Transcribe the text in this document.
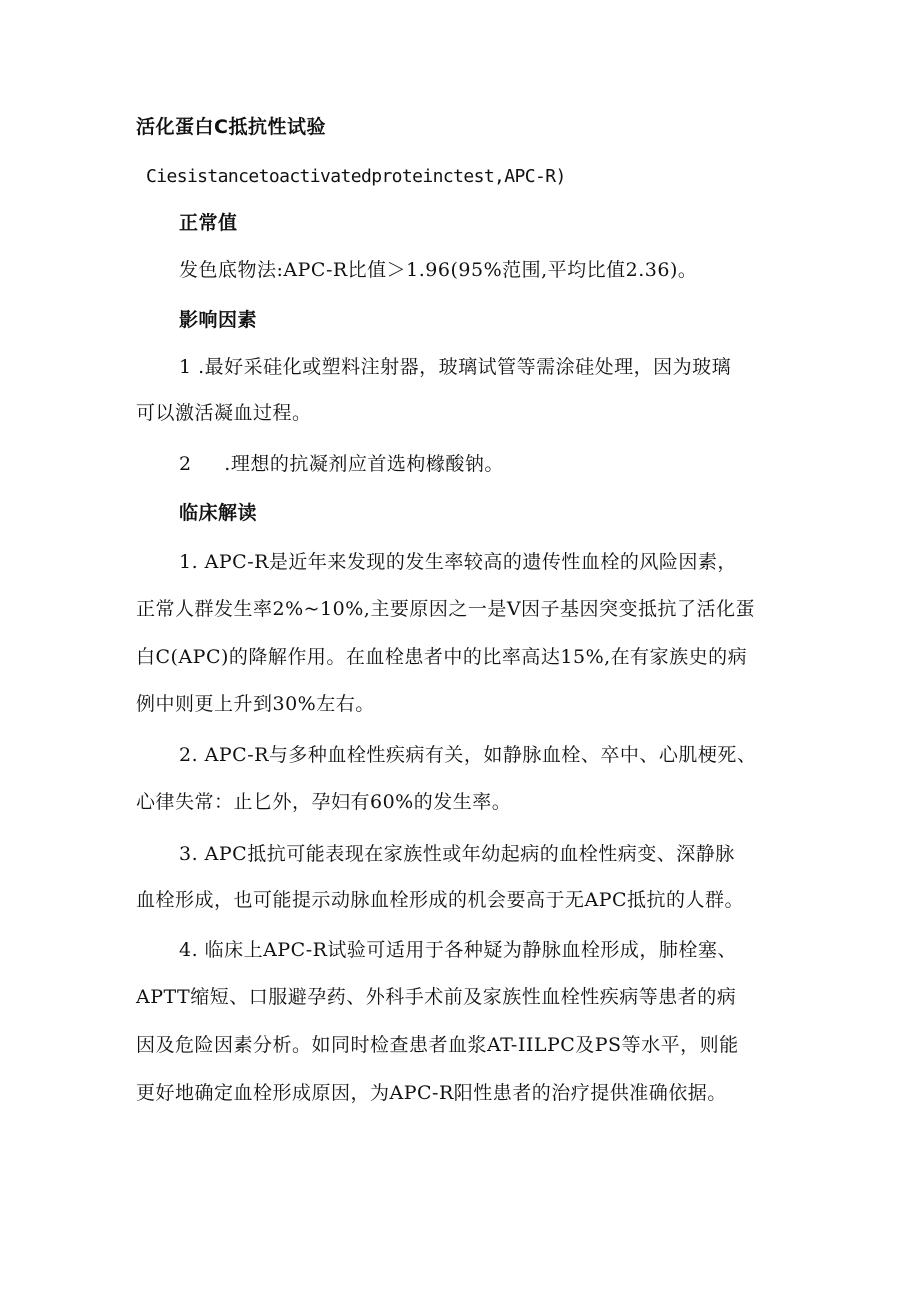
活化蛋白C抵抗性试验
Ciesistancetoactivatedproteinctest,APC-R)
正常值
发色底物法:APC-R比值＞1.96(95%范围,平均比值2.36)。
影响因素
1 .最好采硅化或塑料注射器，玻璃试管等需涂硅处理，因为玻璃
可以激活凝血过程。
2     .理想的抗凝剂应首选枸橼酸钠。
临床解读
1. APC-R是近年来发现的发生率较高的遗传性血栓的风险因素，
正常人群发生率2%~10%,主要原因之一是V因子基因突变抵抗了活化蛋
白C(APC)的降解作用。在血栓患者中的比率高达15%,在有家族史的病
例中则更上升到30%左右。
2. APC-R与多种血栓性疾病有关，如静脉血栓、卒中、心肌梗死、
心律失常：止匕外，孕妇有60%的发生率。
3. APC抵抗可能表现在家族性或年幼起病的血栓性病变、深静脉
血栓形成，也可能提示动脉血栓形成的机会要高于无APC抵抗的人群。
4. 临床上APC-R试验可适用于各种疑为静脉血栓形成，肺栓塞、
APTT缩短、口服避孕药、外科手术前及家族性血栓性疾病等患者的病
因及危险因素分析。如同时检查患者血浆AT-IILPC及PS等水平，则能
更好地确定血栓形成原因，为APC-R阳性患者的治疗提供准确依据。
